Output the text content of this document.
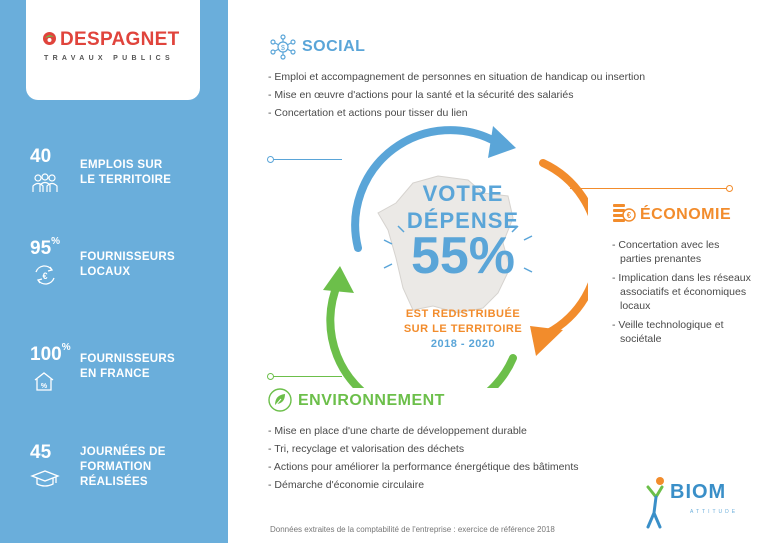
DESPAGNET
TRAVAUX PUBLICS
40	EMPLOIS SUR
LE TERRITOIRE
95%
€
FOURNISSEURS
LOCAUX
100%
%
FOURNISSEURS
EN FRANCE
45	JOURNÉES DE
FORMATION
RÉALISÉES
$ SOCIAL
- Emploi et accompagnement de personnes en situation de handicap ou insertion
- Mise en œuvre d'actions pour la santé et la sécurité des salariés
- Concertation et actions pour tisser du lien
VOTRE
DÉPENSE
55%
EST REDISTRIBUÉE
SUR LE TERRITOIRE
2018 - 2020
€ ÉCONOMIE
- Concertation avec les parties prenantes
- Implication dans les réseaux associatifs et économiques locaux
- Veille technologique et sociétale
ENVIRONNEMENT
- Mise en place d'une charte de développement durable
- Tri, recyclage et valorisation des déchets
- Actions pour améliorer la performance énergétique des bâtiments
- Démarche d'économie circulaire	BIOM
ATTITUDE
Données extraites de la comptabilité de l'entreprise : exercice de référence 2018
